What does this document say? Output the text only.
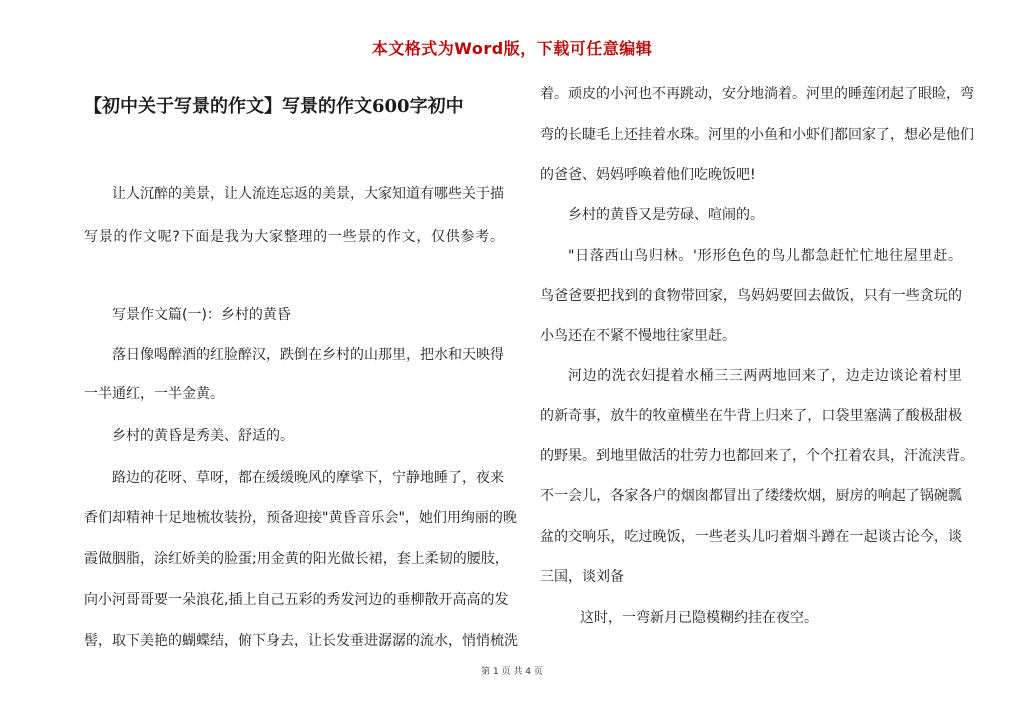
本文格式为Word版，下载可任意编辑
【初中关于写景的作文】写景的作文600字初中
让人沉醉的美景，让人流连忘返的美景，大家知道有哪些关于描
写景的作文呢?下面是我为大家整理的一些景的作文，仅供参考。
写景作文篇(一)：乡村的黄昏
落日像喝醉酒的红脸醉汉，跌倒在乡村的山那里，把水和天映得
一半通红，一半金黄。
乡村的黄昏是秀美、舒适的。
路边的花呀、草呀，都在缓缓晚风的摩挲下，宁静地睡了，夜来
香们却精神十足地梳妆装扮，预备迎接"黄昏音乐会"，她们用绚丽的晚
霞做胭脂，涂红娇美的脸蛋;用金黄的阳光做长裙，套上柔韧的腰肢，
向小河哥哥要一朵浪花,插上自己五彩的秀发河边的垂柳散开高高的发
髻，取下美艳的蝴蝶结，俯下身去，让长发垂进潺潺的流水，悄悄梳洗
着。顽皮的小河也不再跳动，安分地淌着。河里的睡莲闭起了眼睑，弯
弯的长睫毛上还挂着水珠。河里的小鱼和小虾们都回家了，想必是他们
的爸爸、妈妈呼唤着他们吃晚饭吧!
乡村的黄昏又是劳碌、喧闹的。
"日落西山鸟归林。'形形色色的鸟儿都急赶忙忙地往屋里赶。
鸟爸爸要把找到的食物带回家，鸟妈妈要回去做饭，只有一些贪玩的
小鸟还在不紧不慢地往家里赶。
河边的洗衣妇提着水桶三三两两地回来了，边走边谈论着村里
的新奇事，放牛的牧童横坐在牛背上归来了，口袋里塞满了酸极甜极
的野果。到地里做活的壮劳力也都回来了，个个扛着农具，汗流浃背。
不一会儿，各家各户的烟囱都冒出了缕缕炊烟，厨房的响起了锅碗瓢
盆的交响乐，吃过晚饭，一些老头儿叼着烟斗蹲在一起谈古论今，谈
三国，谈刘备
这时，一弯新月已隐模糊约挂在夜空。
第 1 页 共 4 页
